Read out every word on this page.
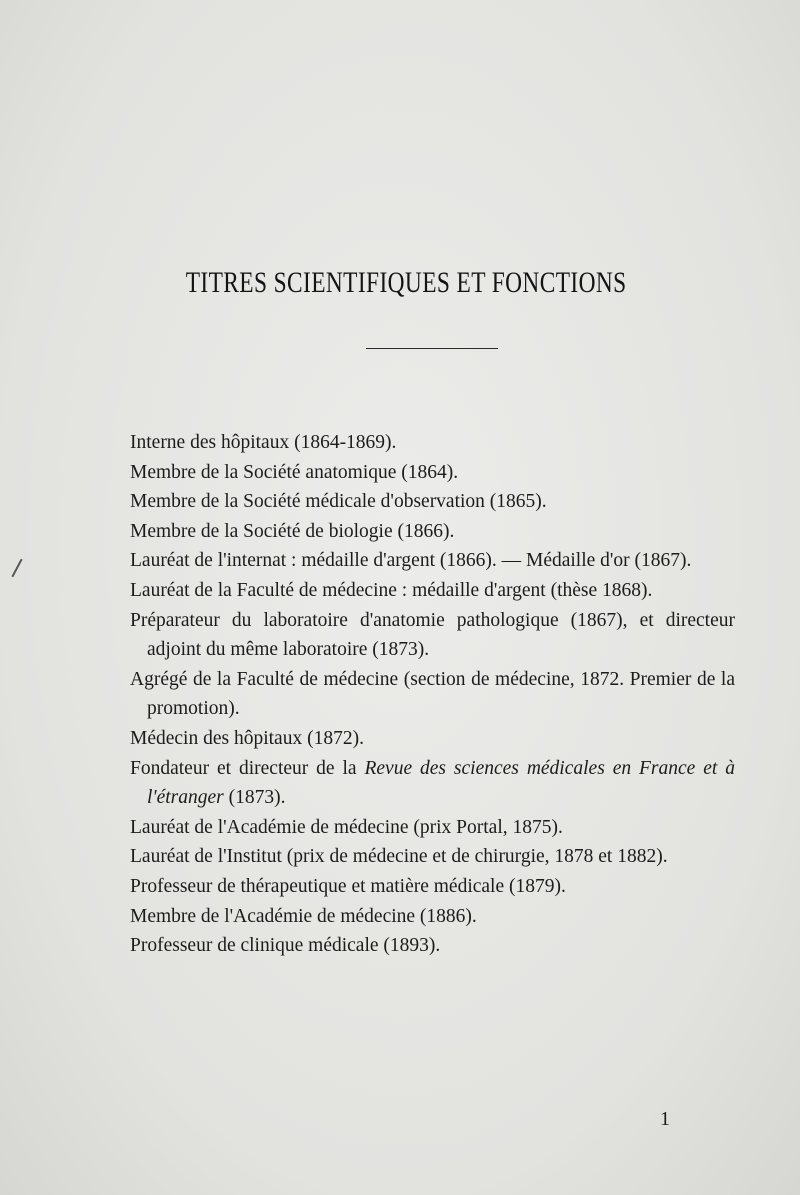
TITRES SCIENTIFIQUES ET FONCTIONS
Interne des hôpitaux (1864-1869).
Membre de la Société anatomique (1864).
Membre de la Société médicale d'observation (1865).
Membre de la Société de biologie (1866).
Lauréat de l'internat : médaille d'argent (1866). — Médaille d'or (1867).
Lauréat de la Faculté de médecine : médaille d'argent (thèse 1868).
Préparateur du laboratoire d'anatomie pathologique (1867), et directeur adjoint du même laboratoire (1873).
Agrégé de la Faculté de médecine (section de médecine, 1872. Premier de la promotion).
Médecin des hôpitaux (1872).
Fondateur et directeur de la Revue des sciences médicales en France et à l'étranger (1873).
Lauréat de l'Académie de médecine (prix Portal, 1875).
Lauréat de l'Institut (prix de médecine et de chirurgie, 1878 et 1882).
Professeur de thérapeutique et matière médicale (1879).
Membre de l'Académie de médecine (1886).
Professeur de clinique médicale (1893).
1
